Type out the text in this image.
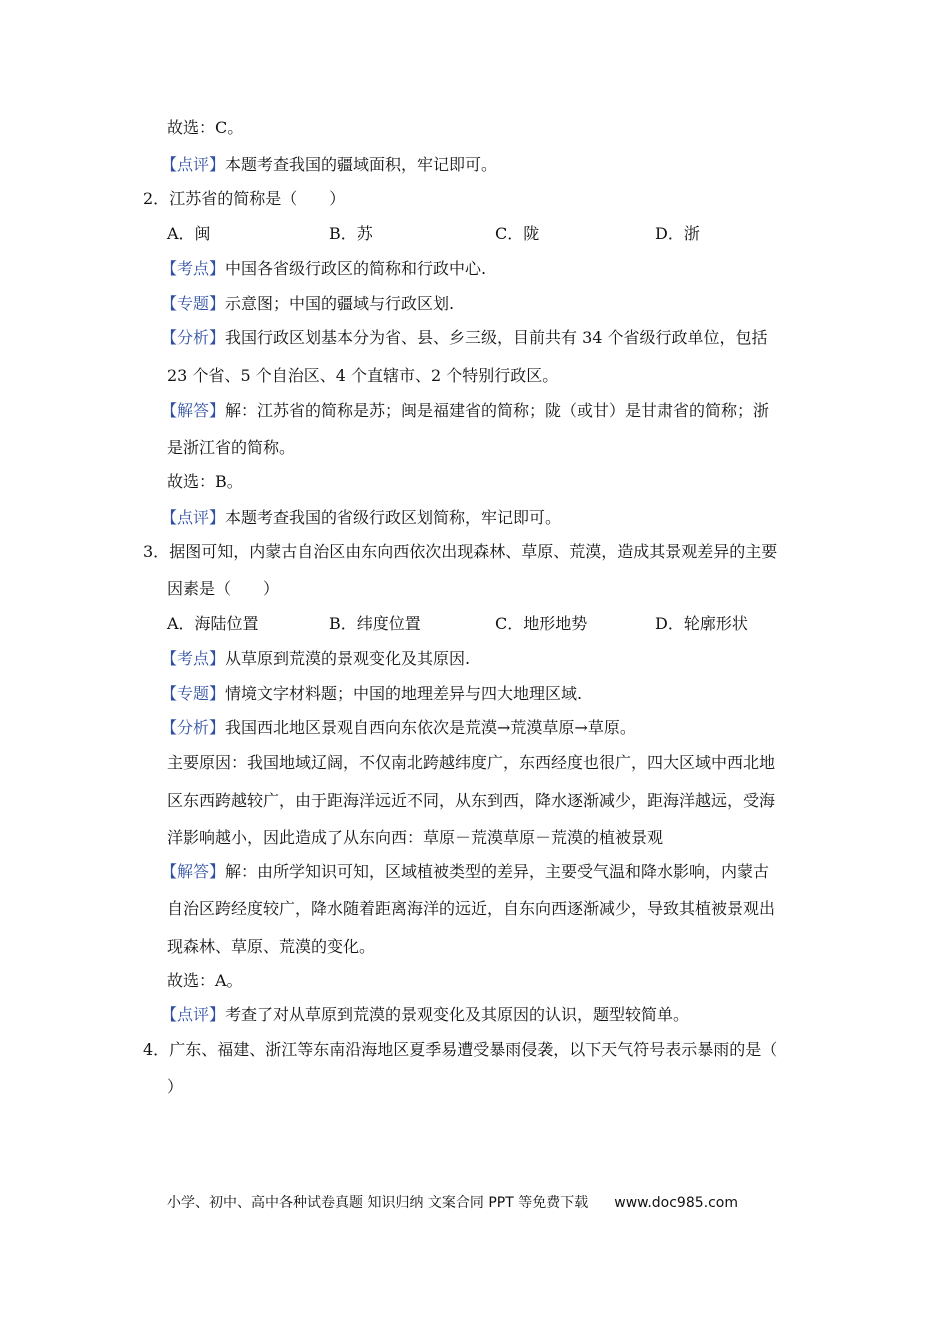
故选：C。
【点评】本题考查我国的疆域面积，牢记即可。
2．江苏省的简称是（　　）
A．闽	B．苏	C．陇	D．浙
【考点】中国各省级行政区的简称和行政中心.
【专题】示意图；中国的疆域与行政区划.
【分析】我国行政区划基本分为省、县、乡三级，目前共有 34 个省级行政单位，包括
23 个省、5 个自治区、4 个直辖市、2 个特别行政区。
【解答】解：江苏省的简称是苏；闽是福建省的简称；陇（或甘）是甘肃省的简称；浙
是浙江省的简称。
故选：B。
【点评】本题考查我国的省级行政区划简称，牢记即可。
3．据图可知，内蒙古自治区由东向西依次出现森林、草原、荒漠，造成其景观差异的主要
因素是（　　）
A．海陆位置	B．纬度位置	C．地形地势	D．轮廓形状
【考点】从草原到荒漠的景观变化及其原因.
【专题】情境文字材料题；中国的地理差异与四大地理区域.
【分析】我国西北地区景观自西向东依次是荒漠→荒漠草原→草原。
主要原因：我国地域辽阔，不仅南北跨越纬度广，东西经度也很广，四大区域中西北地
区东西跨越较广，由于距海洋远近不同，从东到西，降水逐渐减少，距海洋越远，受海
洋影响越小，因此造成了从东向西：草原－荒漠草原－荒漠的植被景观
【解答】解：由所学知识可知，区域植被类型的差异，主要受气温和降水影响，内蒙古
自治区跨经度较广，降水随着距离海洋的远近，自东向西逐渐减少，导致其植被景观出
现森林、草原、荒漠的变化。
故选：A。
【点评】考查了对从草原到荒漠的景观变化及其原因的认识，题型较简单。
4．广东、福建、浙江等东南沿海地区夏季易遭受暴雨侵袭，以下天气符号表示暴雨的是（
）
小学、初中、高中各种试卷真题 知识归纳 文案合同 PPT 等免费下载 www.doc985.com
